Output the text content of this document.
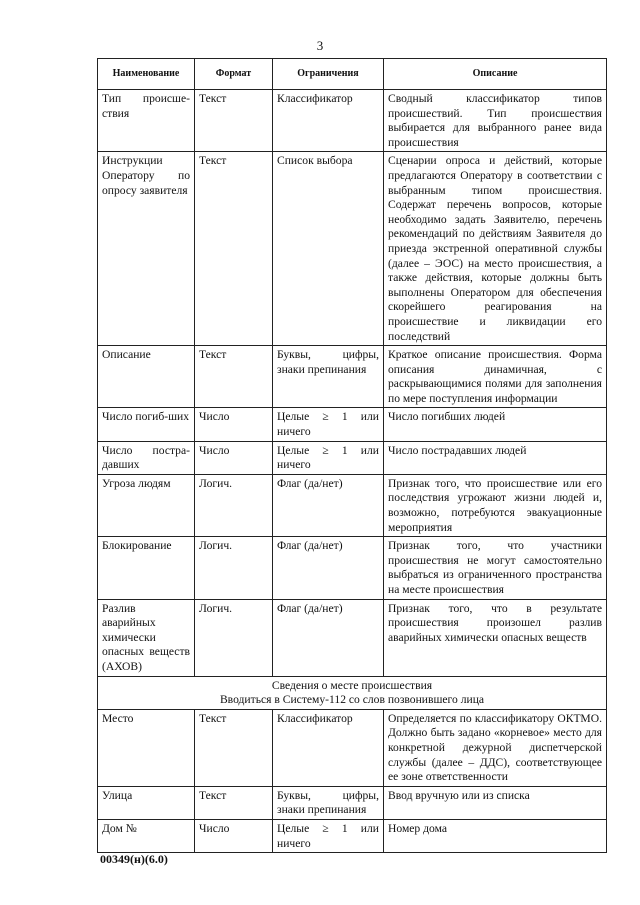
3
Наименование	Формат	Ограничения	Описание
Тип происше-ствия	Текст	Классификатор	Сводный классификатор типов происшествий. Тип происшествия выбирается для выбранного ранее вида происшествия
Инструкции Оператору по опросу заявителя	Текст	Список выбора	Сценарии опроса и действий, которые предлагаются Оператору в соответствии с выбранным типом происшествия. Содержат перечень вопросов, которые необходимо задать Заявителю, перечень рекомендаций по действиям Заявителя до приезда экстренной оперативной службы (далее – ЭОС) на место происшествия, а также действия, которые должны быть выполнены Оператором для обеспечения скорейшего реагирования на происшествие и ликвидации его последствий
Описание	Текст	Буквы, цифры, знаки препинания	Краткое описание происшествия. Форма описания динамичная, с раскрывающимися полями для заполнения по мере поступления информации
Число погиб-ших	Число	Целые ≥ 1 или ничего	Число погибших людей
Число постра-давших	Число	Целые ≥ 1 или ничего	Число пострадавших людей
Угроза людям	Логич.	Флаг (да/нет)	Признак того, что происшествие или его последствия угрожают жизни людей и, возможно, потребуются эвакуационные мероприятия
Блокирование	Логич.	Флаг (да/нет)	Признак того, что участники происшествия не могут самостоятельно выбраться из ограниченного пространства на месте происшествия
Разлив аварийных химически опасных веществ (АХОВ)	Логич.	Флаг (да/нет)	Признак того, что в результате происшествия произошел разлив аварийных химически опасных веществ

Сведения о месте происшествия
Вводиться в Систему-112 со слов позвонившего лица			

Место	Текст	Классификатор	Определяется по классификатору ОКТМО. Должно быть задано «корневое» место для конкретной дежурной диспетчерской службы (далее – ДДС), соответствующее ее зоне ответственности
Улица	Текст	Буквы, цифры, знаки препинания	Ввод вручную или из списка
Дом №	Число	Целые ≥ 1 или ничего	Номер дома
00349(н)(6.0)
